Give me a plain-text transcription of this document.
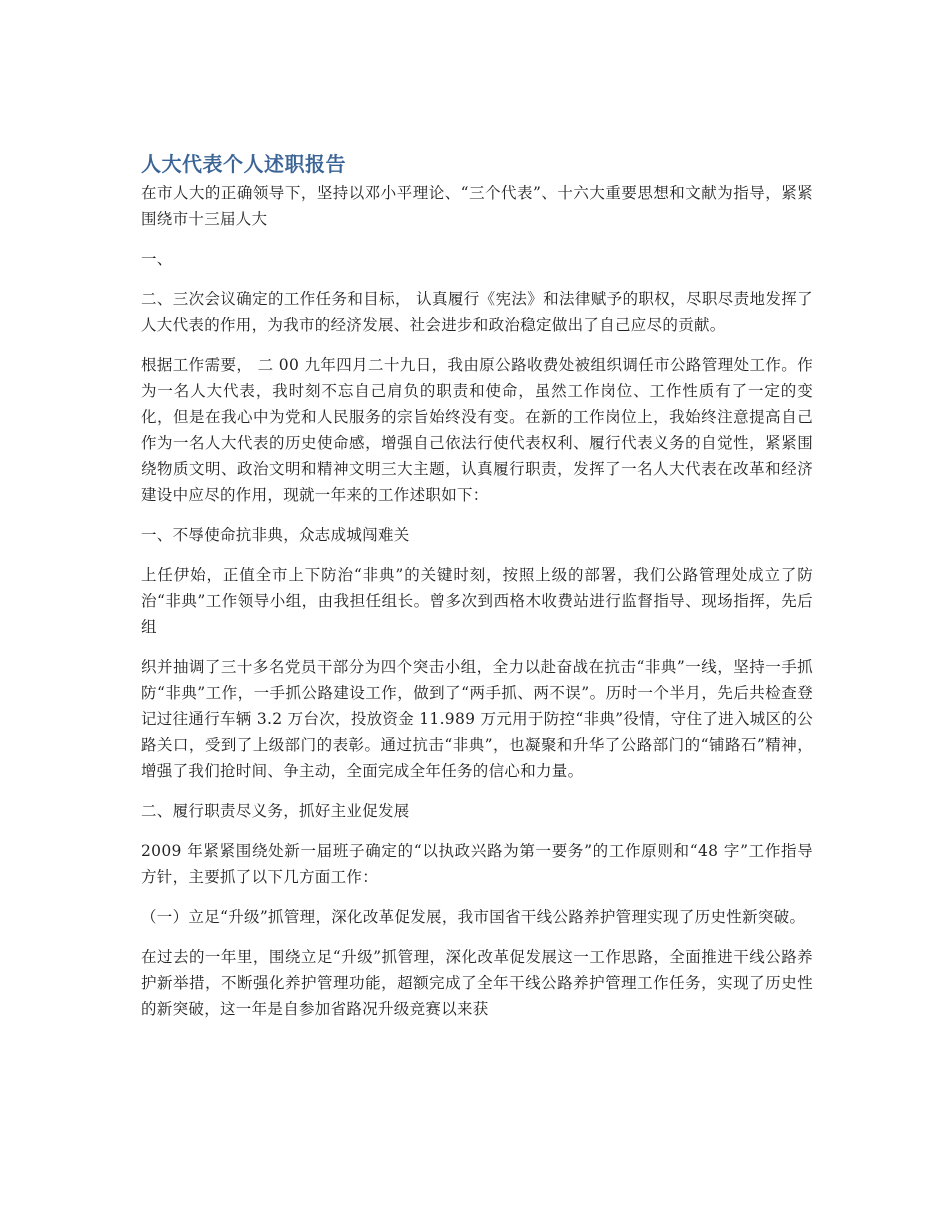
人大代表个人述职报告

在市人大的正确领导下，坚持以邓小平理论、“三个代表”、十六大重要思想和文献为指导，紧紧围绕市十三届人大

一、

二、三次会议确定的工作任务和目标， 认真履行《宪法》和法律赋予的职权，尽职尽责地发挥了人大代表的作用，为我市的经济发展、社会进步和政治稳定做出了自己应尽的贡献。

根据工作需要， 二 00 九年四月二十九日，我由原公路收费处被组织调任市公路管理处工作。作为一名人大代表，我时刻不忘自己肩负的职责和使命，虽然工作岗位、工作性质有了一定的变化，但是在我心中为党和人民服务的宗旨始终没有变。在新的工作岗位上，我始终注意提高自己作为一名人大代表的历史使命感，增强自己依法行使代表权利、履行代表义务的自觉性，紧紧围绕物质文明、政治文明和精神文明三大主题，认真履行职责，发挥了一名人大代表在改革和经济建设中应尽的作用，现就一年来的工作述职如下：

一、不辱使命抗非典，众志成城闯难关

上任伊始，正值全市上下防治“非典”的关键时刻，按照上级的部署，我们公路管理处成立了防治“非典”工作领导小组，由我担任组长。曾多次到西格木收费站进行监督指导、现场指挥，先后组

织并抽调了三十多名党员干部分为四个突击小组，全力以赴奋战在抗击“非典”一线，坚持一手抓防“非典”工作，一手抓公路建设工作，做到了“两手抓、两不误”。历时一个半月，先后共检查登记过往通行车辆 3.2 万台次，投放资金 11.989 万元用于防控“非典”役情，守住了进入城区的公路关口，受到了上级部门的表彰。通过抗击“非典”，也凝聚和升华了公路部门的“铺路石”精神，增强了我们抢时间、争主动，全面完成全年任务的信心和力量。

二、履行职责尽义务，抓好主业促发展

2009 年紧紧围绕处新一届班子确定的“以执政兴路为第一要务”的工作原则和“48 字”工作指导方针，主要抓了以下几方面工作：

（一）立足“升级”抓管理，深化改革促发展，我市国省干线公路养护管理实现了历史性新突破。

在过去的一年里，围绕立足“升级”抓管理，深化改革促发展这一工作思路，全面推进干线公路养护新举措，不断强化养护管理功能，超额完成了全年干线公路养护管理工作任务，实现了历史性的新突破，这一年是自参加省路况升级竞赛以来获
